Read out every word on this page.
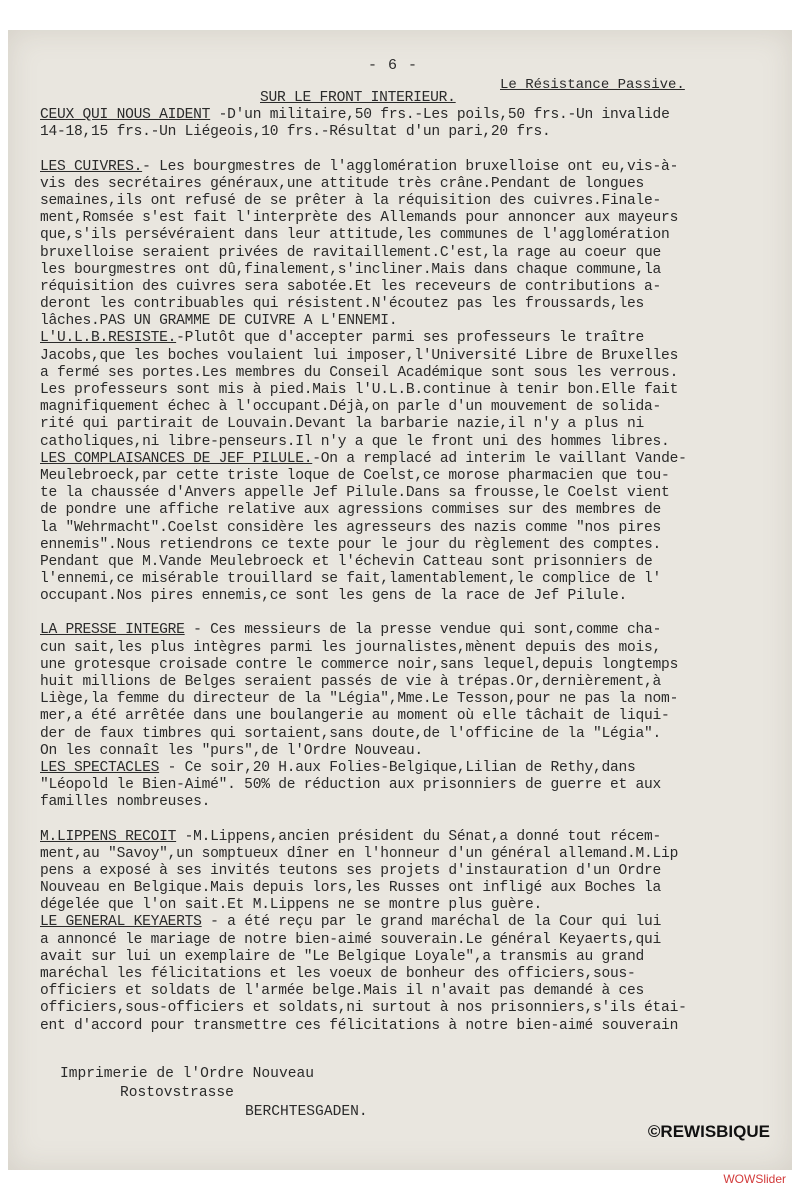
- 6 -
Le Résistance Passive.
SUR LE FRONT INTERIEUR.
CEUX QUI NOUS AIDENT -D'un militaire,50 frs.-Les poils,50 frs.-Un invalide
14-18,15 frs.-Un Liégeois,10 frs.-Résultat d'un pari,20 frs.
LES CUIVRES.- Les bourgmestres de l'agglomération bruxelloise ont eu,vis-à-
vis des secrétaires généraux,une attitude très crâne.Pendant de longues
semaines,ils ont refusé de se prêter à la réquisition des cuivres.Finale-
ment,Romsée s'est fait l'interprète des Allemands pour annoncer aux mayeurs
que,s'ils persévéraient dans leur attitude,les communes de l'agglomération
bruxelloise seraient privées de ravitaillement.C'est,la rage au coeur que
les bourgmestres ont dû,finalement,s'incliner.Mais dans chaque commune,la
réquisition des cuivres sera sabotée.Et les receveurs de contributions a-
deront les contribuables qui résistent.N'écoutez pas les froussards,les
lâches.PAS UN GRAMME DE CUIVRE A L'ENNEMI.
L'U.L.B.RESISTE.-Plutôt que d'accepter parmi ses professeurs le traître
Jacobs,que les boches voulaient lui imposer,l'Université Libre de Bruxelles
a fermé ses portes.Les membres du Conseil Académique sont sous les verrous.
Les professeurs sont mis à pied.Mais l'U.L.B.continue à tenir bon.Elle fait
magnifiquement échec à l'occupant.Déjà,on parle d'un mouvement de solida-
rité qui partirait de Louvain.Devant la barbarie nazie,il n'y a plus ni
catholiques,ni libre-penseurs.Il n'y a que le front uni des hommes libres.
LES COMPLAISANCES DE JEF PILULE.-On a remplacé ad interim le vaillant Vande-
Meulebroeck,par cette triste loque de Coelst,ce morose pharmacien que tou-
te la chaussée d'Anvers appelle Jef Pilule.Dans sa frousse,le Coelst vient
de pondre une affiche relative aux agressions commises sur des membres de
la "Wehrmacht".Coelst considère les agresseurs des nazis comme "nos pires
ennemis".Nous retiendrons ce texte pour le jour du règlement des comptes.
Pendant que M.Vande Meulebroeck et l'échevin Catteau sont prisonniers de
l'ennemi,ce misérable trouillard se fait,lamentablement,le complice de l'
occupant.Nos pires ennemis,ce sont les gens de la race de Jef Pilule.
LA PRESSE INTEGRE - Ces messieurs de la presse vendue qui sont,comme cha-
cun sait,les plus intègres parmi les journalistes,mènent depuis des mois,
une grotesque croisade contre le commerce noir,sans lequel,depuis longtemps
huit millions de Belges seraient passés de vie à trépas.Or,dernièrement,à
Liège,la femme du directeur de la "Légia",Mme.Le Tesson,pour ne pas la nom-
mer,a été arrêtée dans une boulangerie au moment où elle tâchait de liqui-
der de faux timbres qui sortaient,sans doute,de l'officine de la "Légia".
On les connaît les "purs",de l'Ordre Nouveau.
LES SPECTACLES - Ce soir,20 H.aux Folies-Belgique,Lilian de Rethy,dans
"Léopold le Bien-Aimé". 50% de réduction aux prisonniers de guerre et aux
familles nombreuses.
M.LIPPENS RECOIT -M.Lippens,ancien président du Sénat,a donné tout récem-
ment,au "Savoy",un somptueux dîner en l'honneur d'un général allemand.M.Lip
pens a exposé à ses invités teutons ses projets d'instauration d'un Ordre
Nouveau en Belgique.Mais depuis lors,les Russes ont infligé aux Boches la
dégelée que l'on sait.Et M.Lippens ne se montre plus guère.
LE GENERAL KEYAERTS - a été reçu par le grand maréchal de la Cour qui lui
a annoncé le mariage de notre bien-aimé souverain.Le général Keyaerts,qui
avait sur lui un exemplaire de "Le Belgique Loyale",a transmis au grand
maréchal les félicitations et les voeux de bonheur des officiers,sous-
officiers et soldats de l'armée belge.Mais il n'avait pas demandé à ces
officiers,sous-officiers et soldats,ni surtout à nos prisonniers,s'ils étai-
ent d'accord pour transmettre ces félicitations à notre bien-aimé souverain
Imprimerie de l'Ordre Nouveau
Rostovstrasse
BERCHTESGADEN.
©REWISBIQUE
WOWSlider
